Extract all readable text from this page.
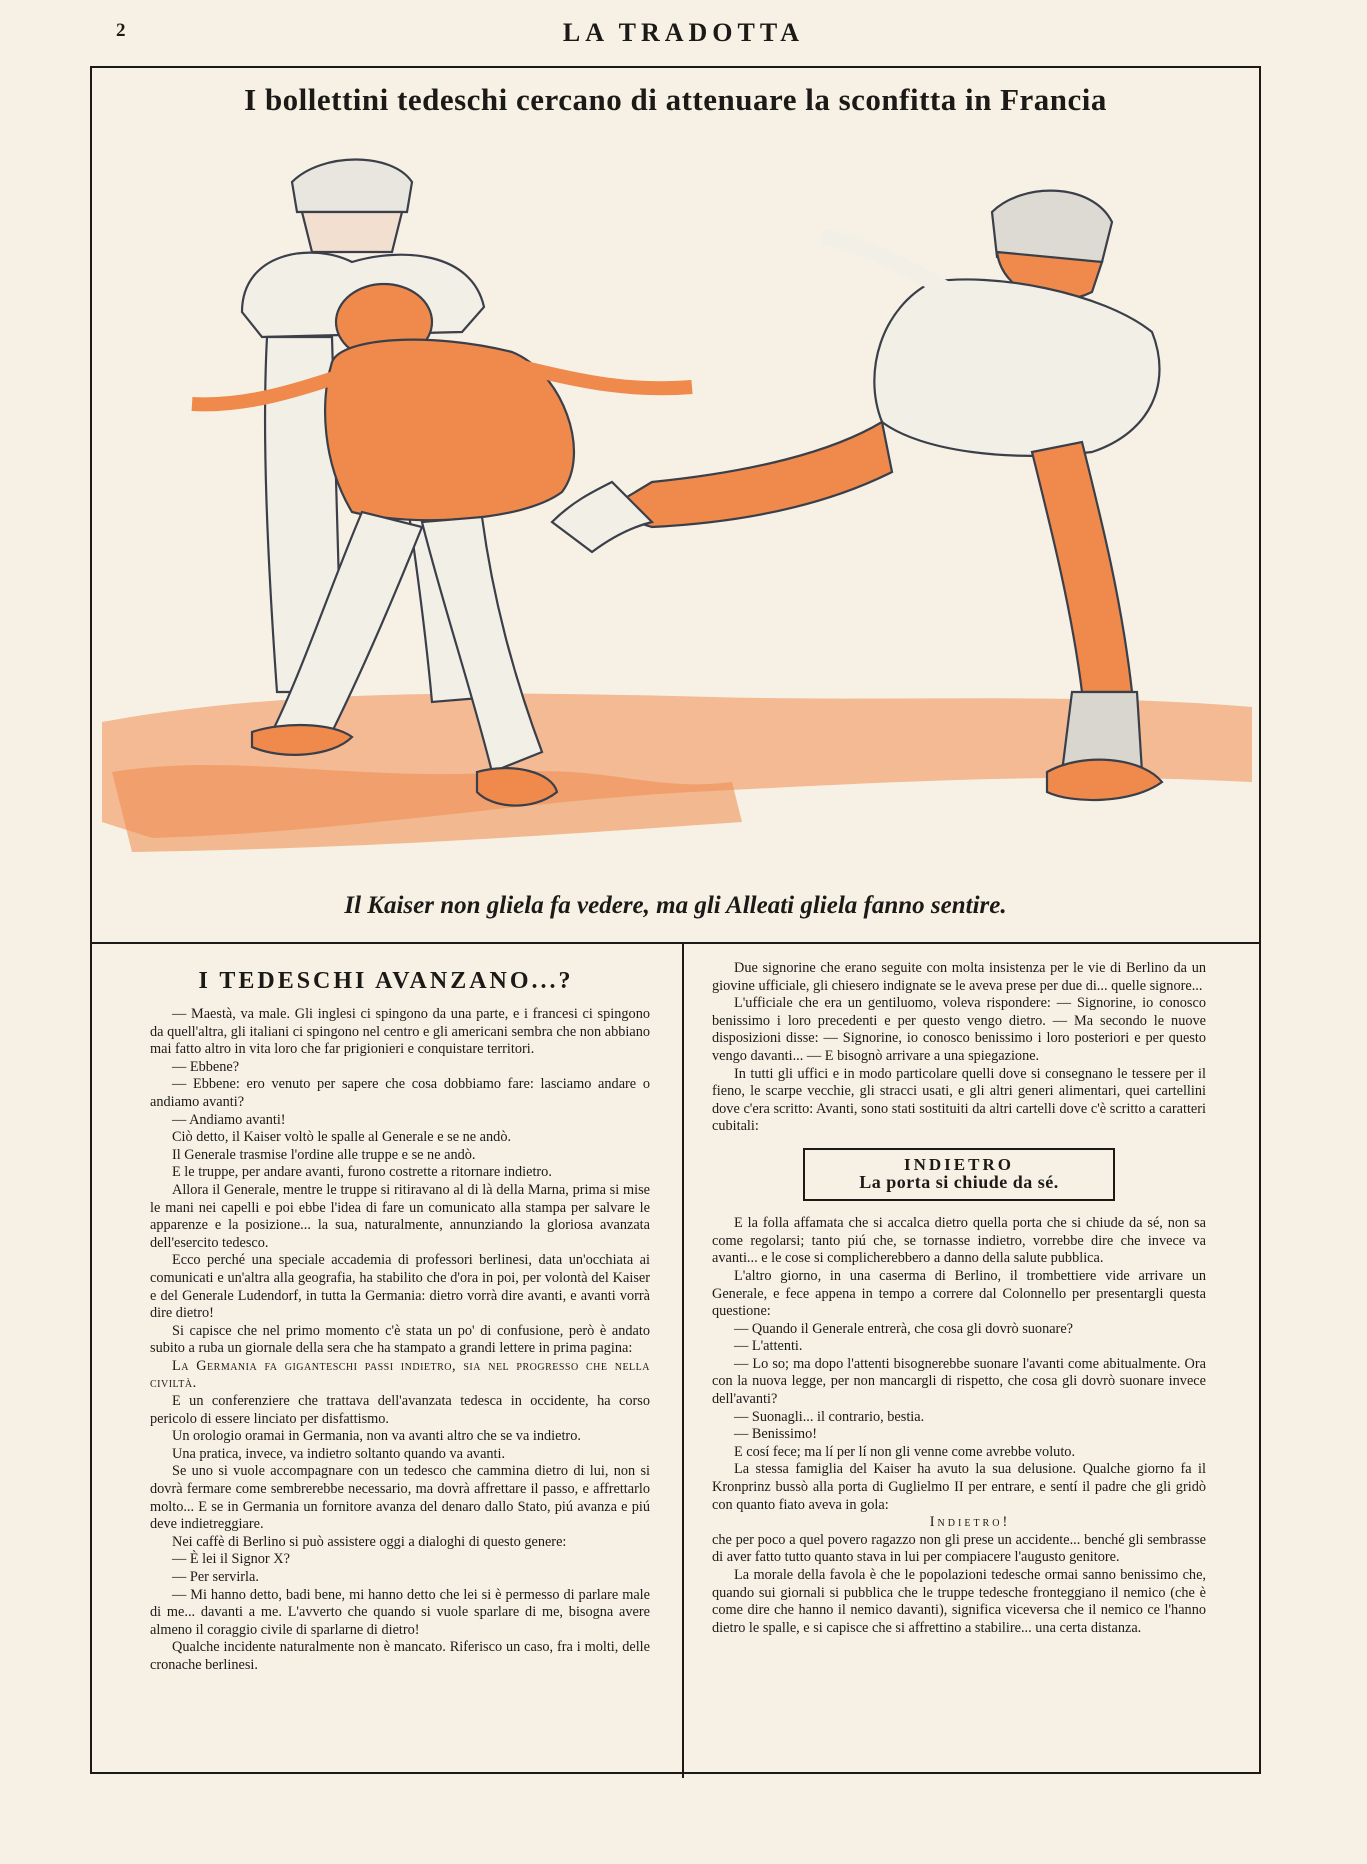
2	LA TRADOTTA
I bollettini tedeschi cercano di attenuare la sconfitta in Francia
Il Kaiser non gliela fa vedere, ma gli Alleati gliela fanno sentire.
I TEDESCHI AVANZANO...?

— Maestà, va male. Gli inglesi ci spingono da una parte, e i francesi ci spingono da quell'altra, gli italiani ci spingono nel centro e gli americani sembra che non abbiano mai fatto altro in vita loro che far prigionieri e conquistare territori.

— Ebbene?

— Ebbene: ero venuto per sapere che cosa dobbiamo fare: lasciamo andare o andiamo avanti?

— Andiamo avanti!

Ciò detto, il Kaiser voltò le spalle al Generale e se ne andò.

Il Generale trasmise l'ordine alle truppe e se ne andò.

E le truppe, per andare avanti, furono costrette a ritornare indietro.

Allora il Generale, mentre le truppe si ritiravano al di là della Marna, prima si mise le mani nei capelli e poi ebbe l'idea di fare un comunicato alla stampa per salvare le apparenze e la posizione... la sua, naturalmente, annunziando la gloriosa avanzata dell'esercito tedesco.

Ecco perché una speciale accademia di professori berlinesi, data un'occhiata ai comunicati e un'altra alla geografia, ha stabilito che d'ora in poi, per volontà del Kaiser e del Generale Ludendorf, in tutta la Germania: dietro vorrà dire avanti, e avanti vorrà dire dietro!

Si capisce che nel primo momento c'è stata un po' di confusione, però è andato subito a ruba un giornale della sera che ha stampato a grandi lettere in prima pagina:

La Germania fa giganteschi passi indietro, sia nel progresso che nella civiltà.

E un conferenziere che trattava dell'avanzata tedesca in occidente, ha corso pericolo di essere linciato per disfattismo.

Un orologio oramai in Germania, non va avanti altro che se va indietro.

Una pratica, invece, va indietro soltanto quando va avanti.

Se uno si vuole accompagnare con un tedesco che cammina dietro di lui, non si dovrà fermare come sembrerebbe necessario, ma dovrà affrettare il passo, e affrettarlo molto... E se in Germania un fornitore avanza del denaro dallo Stato, piú avanza e piú deve indietreggiare.

Nei caffè di Berlino si può assistere oggi a dialoghi di questo genere:

— È lei il Signor X?

— Per servirla.

— Mi hanno detto, badi bene, mi hanno detto che lei si è permesso di parlare male di me... davanti a me. L'avverto che quando si vuole sparlare di me, bisogna avere almeno il coraggio civile di sparlarne di dietro!

Qualche incidente naturalmente non è mancato. Riferisco un caso, fra i molti, delle cronache berlinesi.

Due signorine che erano seguite con molta insistenza per le vie di Berlino da un giovine ufficiale, gli chiesero indignate se le aveva prese per due di... quelle signore...

L'ufficiale che era un gentiluomo, voleva rispondere: — Signorine, io conosco benissimo i loro precedenti e per questo vengo dietro. — Ma secondo le nuove disposizioni disse: — Signorine, io conosco benissimo i loro posteriori e per questo vengo davanti... — E bisognò arrivare a una spiegazione.

In tutti gli uffici e in modo particolare quelli dove si consegnano le tessere per il fieno, le scarpe vecchie, gli stracci usati, e gli altri generi alimentari, quei cartellini dove c'era scritto: Avanti, sono stati sostituiti da altri cartelli dove c'è scritto a caratteri cubitali:

INDIETRO
La porta si chiude da sé.

E la folla affamata che si accalca dietro quella porta che si chiude da sé, non sa come regolarsi; tanto piú che, se tornasse indietro, vorrebbe dire che invece va avanti... e le cose si complicherebbero a danno della salute pubblica.

L'altro giorno, in una caserma di Berlino, il trombettiere vide arrivare un Generale, e fece appena in tempo a correre dal Colonnello per presentargli questa questione:

— Quando il Generale entrerà, che cosa gli dovrò suonare?

— L'attenti.

— Lo so; ma dopo l'attenti bisognerebbe suonare l'avanti come abitualmente. Ora con la nuova legge, per non mancargli di rispetto, che cosa gli dovrò suonare invece dell'avanti?

— Suonagli... il contrario, bestia.

— Benissimo!

E cosí fece; ma lí per lí non gli venne come avrebbe voluto.

La stessa famiglia del Kaiser ha avuto la sua delusione. Qualche giorno fa il Kronprinz bussò alla porta di Guglielmo II per entrare, e sentí il padre che gli gridò con quanto fiato aveva in gola:

Indietro!

che per poco a quel povero ragazzo non gli prese un accidente... benché gli sembrasse di aver fatto tutto quanto stava in lui per compiacere l'augusto genitore.

La morale della favola è che le popolazioni tedesche ormai sanno benissimo che, quando sui giornali si pubblica che le truppe tedesche fronteggiano il nemico (che è come dire che hanno il nemico davanti), significa viceversa che il nemico ce l'hanno dietro le spalle, e si capisce che si affrettino a stabilire... una certa distanza.
